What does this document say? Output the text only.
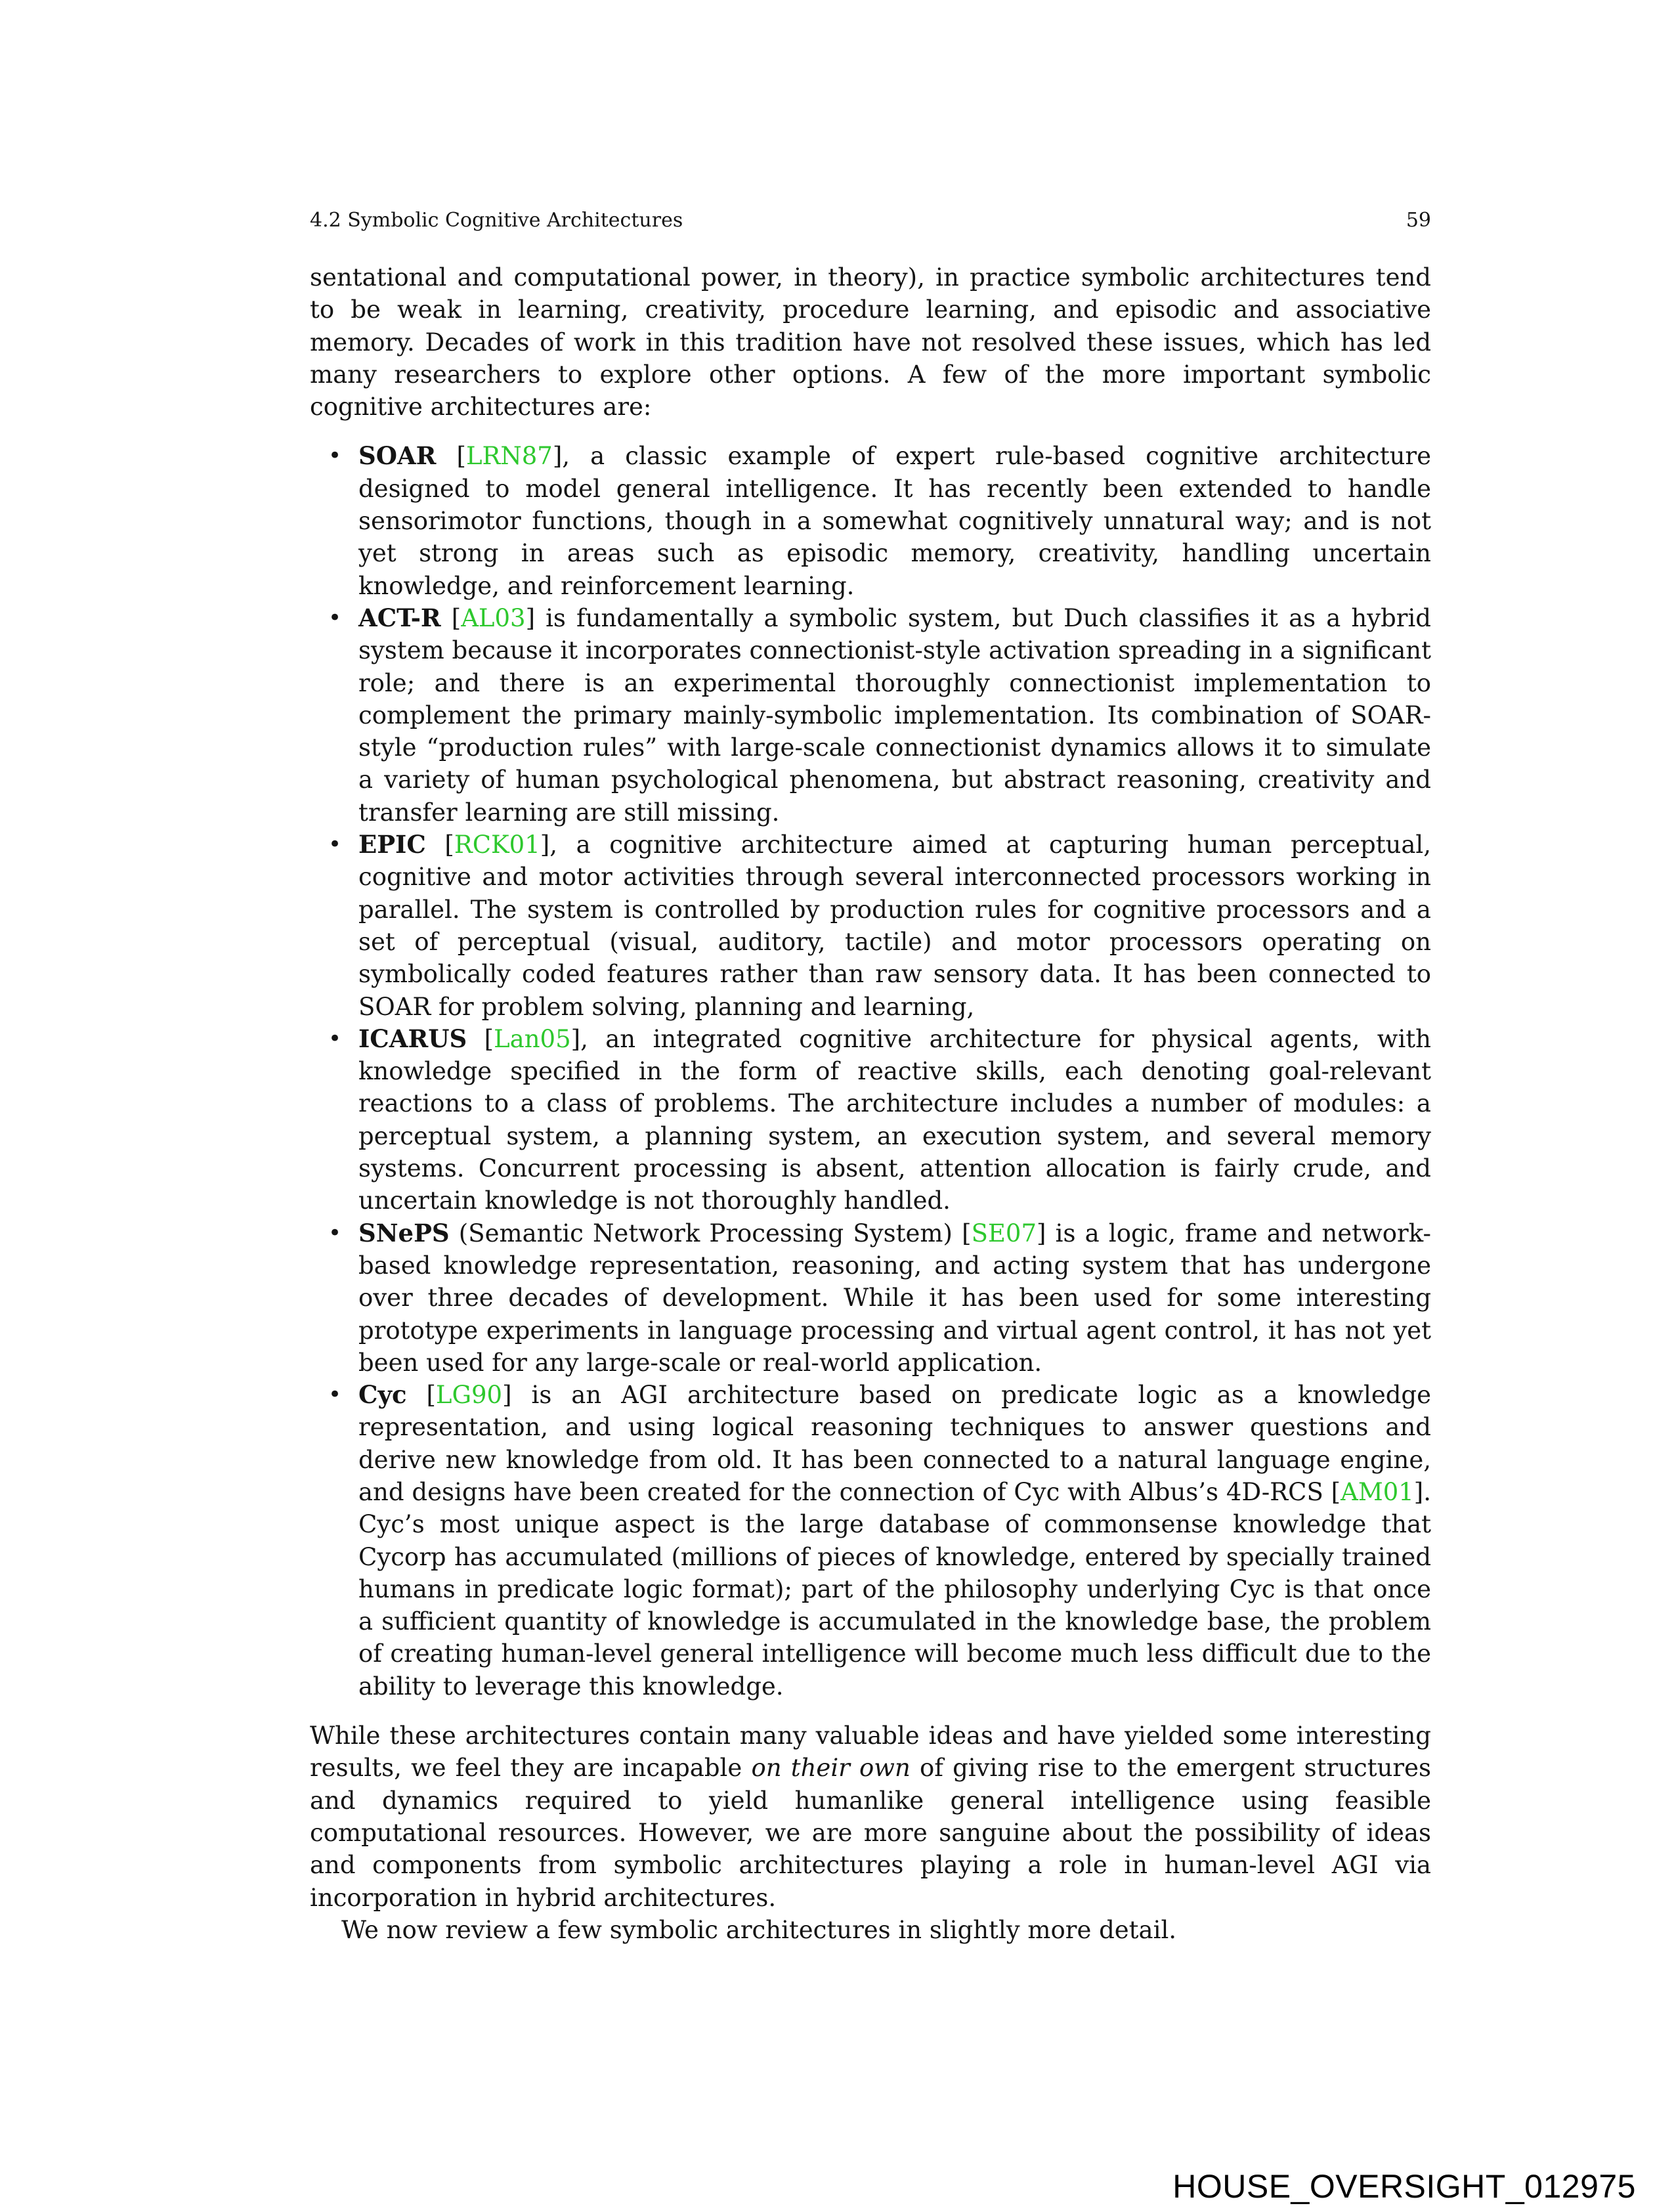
4.2 Symbolic Cognitive Architectures	59

sentational and computational power, in theory), in practice symbolic architectures tend to be weak in learning, creativity, procedure learning, and episodic and associative memory. Decades of work in this tradition have not resolved these issues, which has led many researchers to explore other options. A few of the more important symbolic cognitive architectures are:

• SOAR [LRN87], a classic example of expert rule-based cognitive architecture designed to model general intelligence. It has recently been extended to handle sensorimotor functions, though in a somewhat cognitively unnatural way; and is not yet strong in areas such as episodic memory, creativity, handling uncertain knowledge, and reinforcement learning.
• ACT-R [AL03] is fundamentally a symbolic system, but Duch classifies it as a hybrid system because it incorporates connectionist-style activation spreading in a significant role; and there is an experimental thoroughly connectionist implementation to complement the primary mainly-symbolic implementation. Its combination of SOAR-style “production rules” with large-scale connectionist dynamics allows it to simulate a variety of human psychological phenomena, but abstract reasoning, creativity and transfer learning are still missing.
• EPIC [RCK01], a cognitive architecture aimed at capturing human perceptual, cognitive and motor activities through several interconnected processors working in parallel. The system is controlled by production rules for cognitive processors and a set of perceptual (visual, auditory, tactile) and motor processors operating on symbolically coded features rather than raw sensory data. It has been connected to SOAR for problem solving, planning and learning,
• ICARUS [Lan05], an integrated cognitive architecture for physical agents, with knowledge specified in the form of reactive skills, each denoting goal-relevant reactions to a class of problems. The architecture includes a number of modules: a perceptual system, a planning system, an execution system, and several memory systems. Concurrent processing is absent, attention allocation is fairly crude, and uncertain knowledge is not thoroughly handled.
• SNePS (Semantic Network Processing System) [SE07] is a logic, frame and network-based knowledge representation, reasoning, and acting system that has undergone over three decades of development. While it has been used for some interesting prototype experiments in language processing and virtual agent control, it has not yet been used for any large-scale or real-world application.
• Cyc [LG90] is an AGI architecture based on predicate logic as a knowledge representation, and using logical reasoning techniques to answer questions and derive new knowledge from old. It has been connected to a natural language engine, and designs have been created for the connection of Cyc with Albus’s 4D-RCS [AM01]. Cyc’s most unique aspect is the large database of commonsense knowledge that Cycorp has accumulated (millions of pieces of knowledge, entered by specially trained humans in predicate logic format); part of the philosophy underlying Cyc is that once a sufficient quantity of knowledge is accumulated in the knowledge base, the problem of creating human-level general intelligence will become much less difficult due to the ability to leverage this knowledge.

While these architectures contain many valuable ideas and have yielded some interesting results, we feel they are incapable on their own of giving rise to the emergent structures and dynamics required to yield humanlike general intelligence using feasible computational resources. However, we are more sanguine about the possibility of ideas and components from symbolic architectures playing a role in human-level AGI via incorporation in hybrid architectures.

We now review a few symbolic architectures in slightly more detail.

HOUSE_OVERSIGHT_012975
